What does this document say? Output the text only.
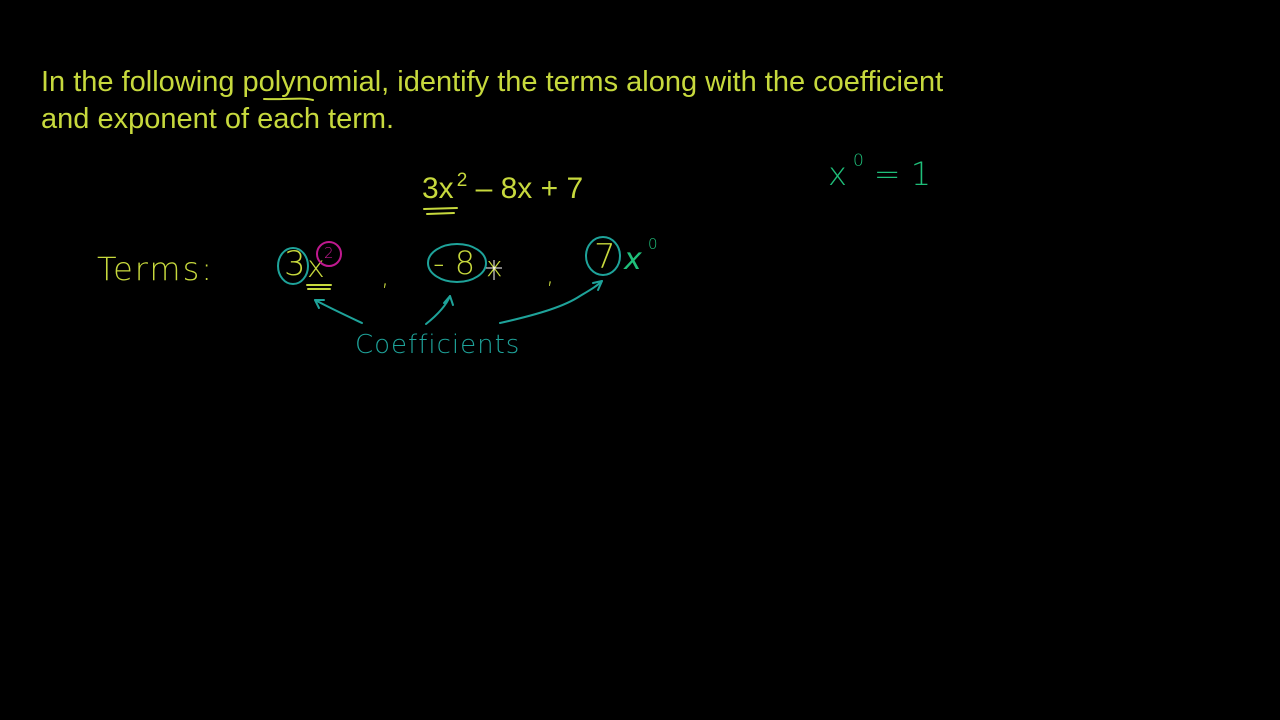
In the following polynomial, identify the terms along with the coefficient
and exponent of each term.
3x $^2$ – 8x + 7	x $^0$ = 1
Terms: 3 x 2
, - 8 x , 7 x 0
Coefficients
